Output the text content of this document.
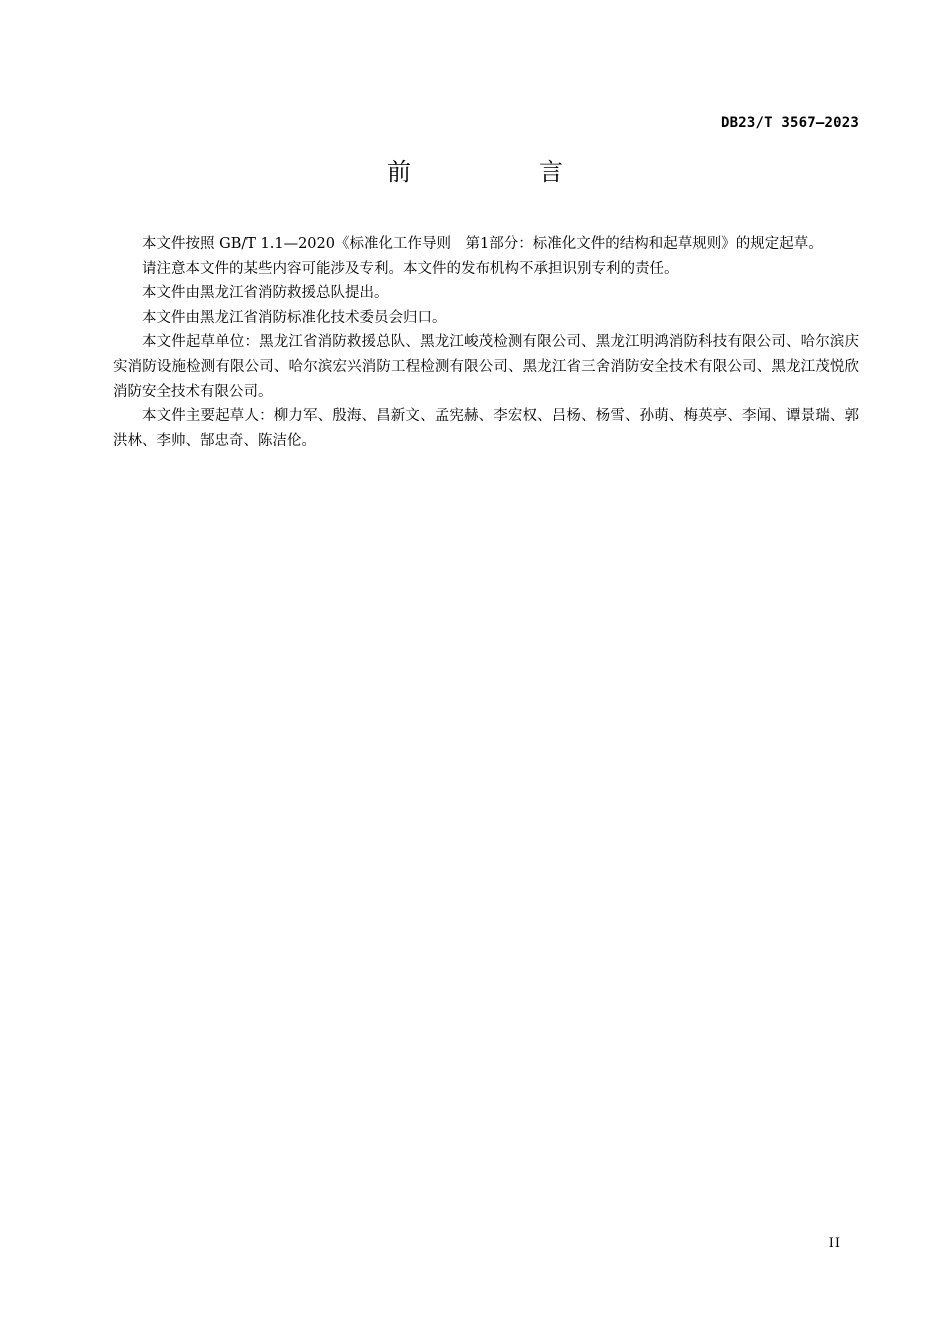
DB23/T 3567—2023
前　言

本文件按照 GB/T 1.1—2020《标准化工作导则　第1部分：标准化文件的结构和起草规则》的规定起草。

请注意本文件的某些内容可能涉及专利。本文件的发布机构不承担识别专利的责任。

本文件由黑龙江省消防救援总队提出。

本文件由黑龙江省消防标准化技术委员会归口。

本文件起草单位：黑龙江省消防救援总队、黑龙江峻茂检测有限公司、黑龙江明鸿消防科技有限公司、哈尔滨庆实消防设施检测有限公司、哈尔滨宏兴消防工程检测有限公司、黑龙江省三舍消防安全技术有限公司、黑龙江茂悦欣消防安全技术有限公司。

本文件主要起草人：柳力军、殷海、昌新文、孟宪赫、李宏权、吕杨、杨雪、孙萌、梅英亭、李闻、谭景瑞、郭洪林、李帅、郜忠奇、陈洁伦。

II
